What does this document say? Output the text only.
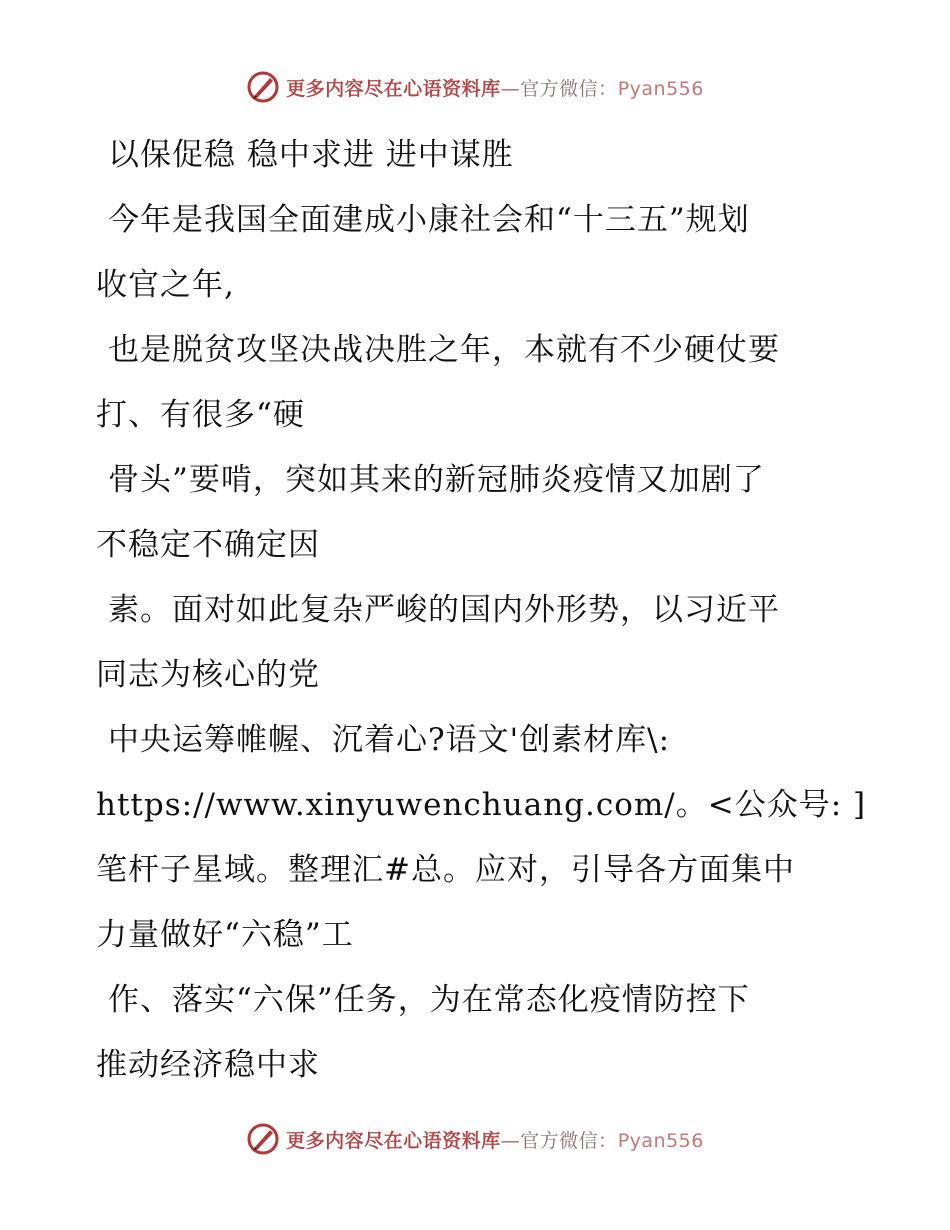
更多内容尽在心语资料库—官方微信：Pyan556
以保促稳 稳中求进 进中谋胜
今年是我国全面建成小康社会和“十三五”规划
收官之年,
也是脱贫攻坚决战决胜之年，本就有不少硬仗要
打、有很多“硬
骨头”要啃，突如其来的新冠肺炎疫情又加剧了
不稳定不确定因
素。面对如此复杂严峻的国内外形势，以习近平
同志为核心的党
中央运筹帷幄、沉着心?语文'创素材库\:
https://www.xinyuwenchuang.com/。<公众号: ]
笔杆子星域。整理汇#总。应对，引导各方面集中
力量做好“六稳”工
作、落实“六保”任务，为在常态化疫情防控下
推动经济稳中求
更多内容尽在心语资料库—官方微信：Pyan556
